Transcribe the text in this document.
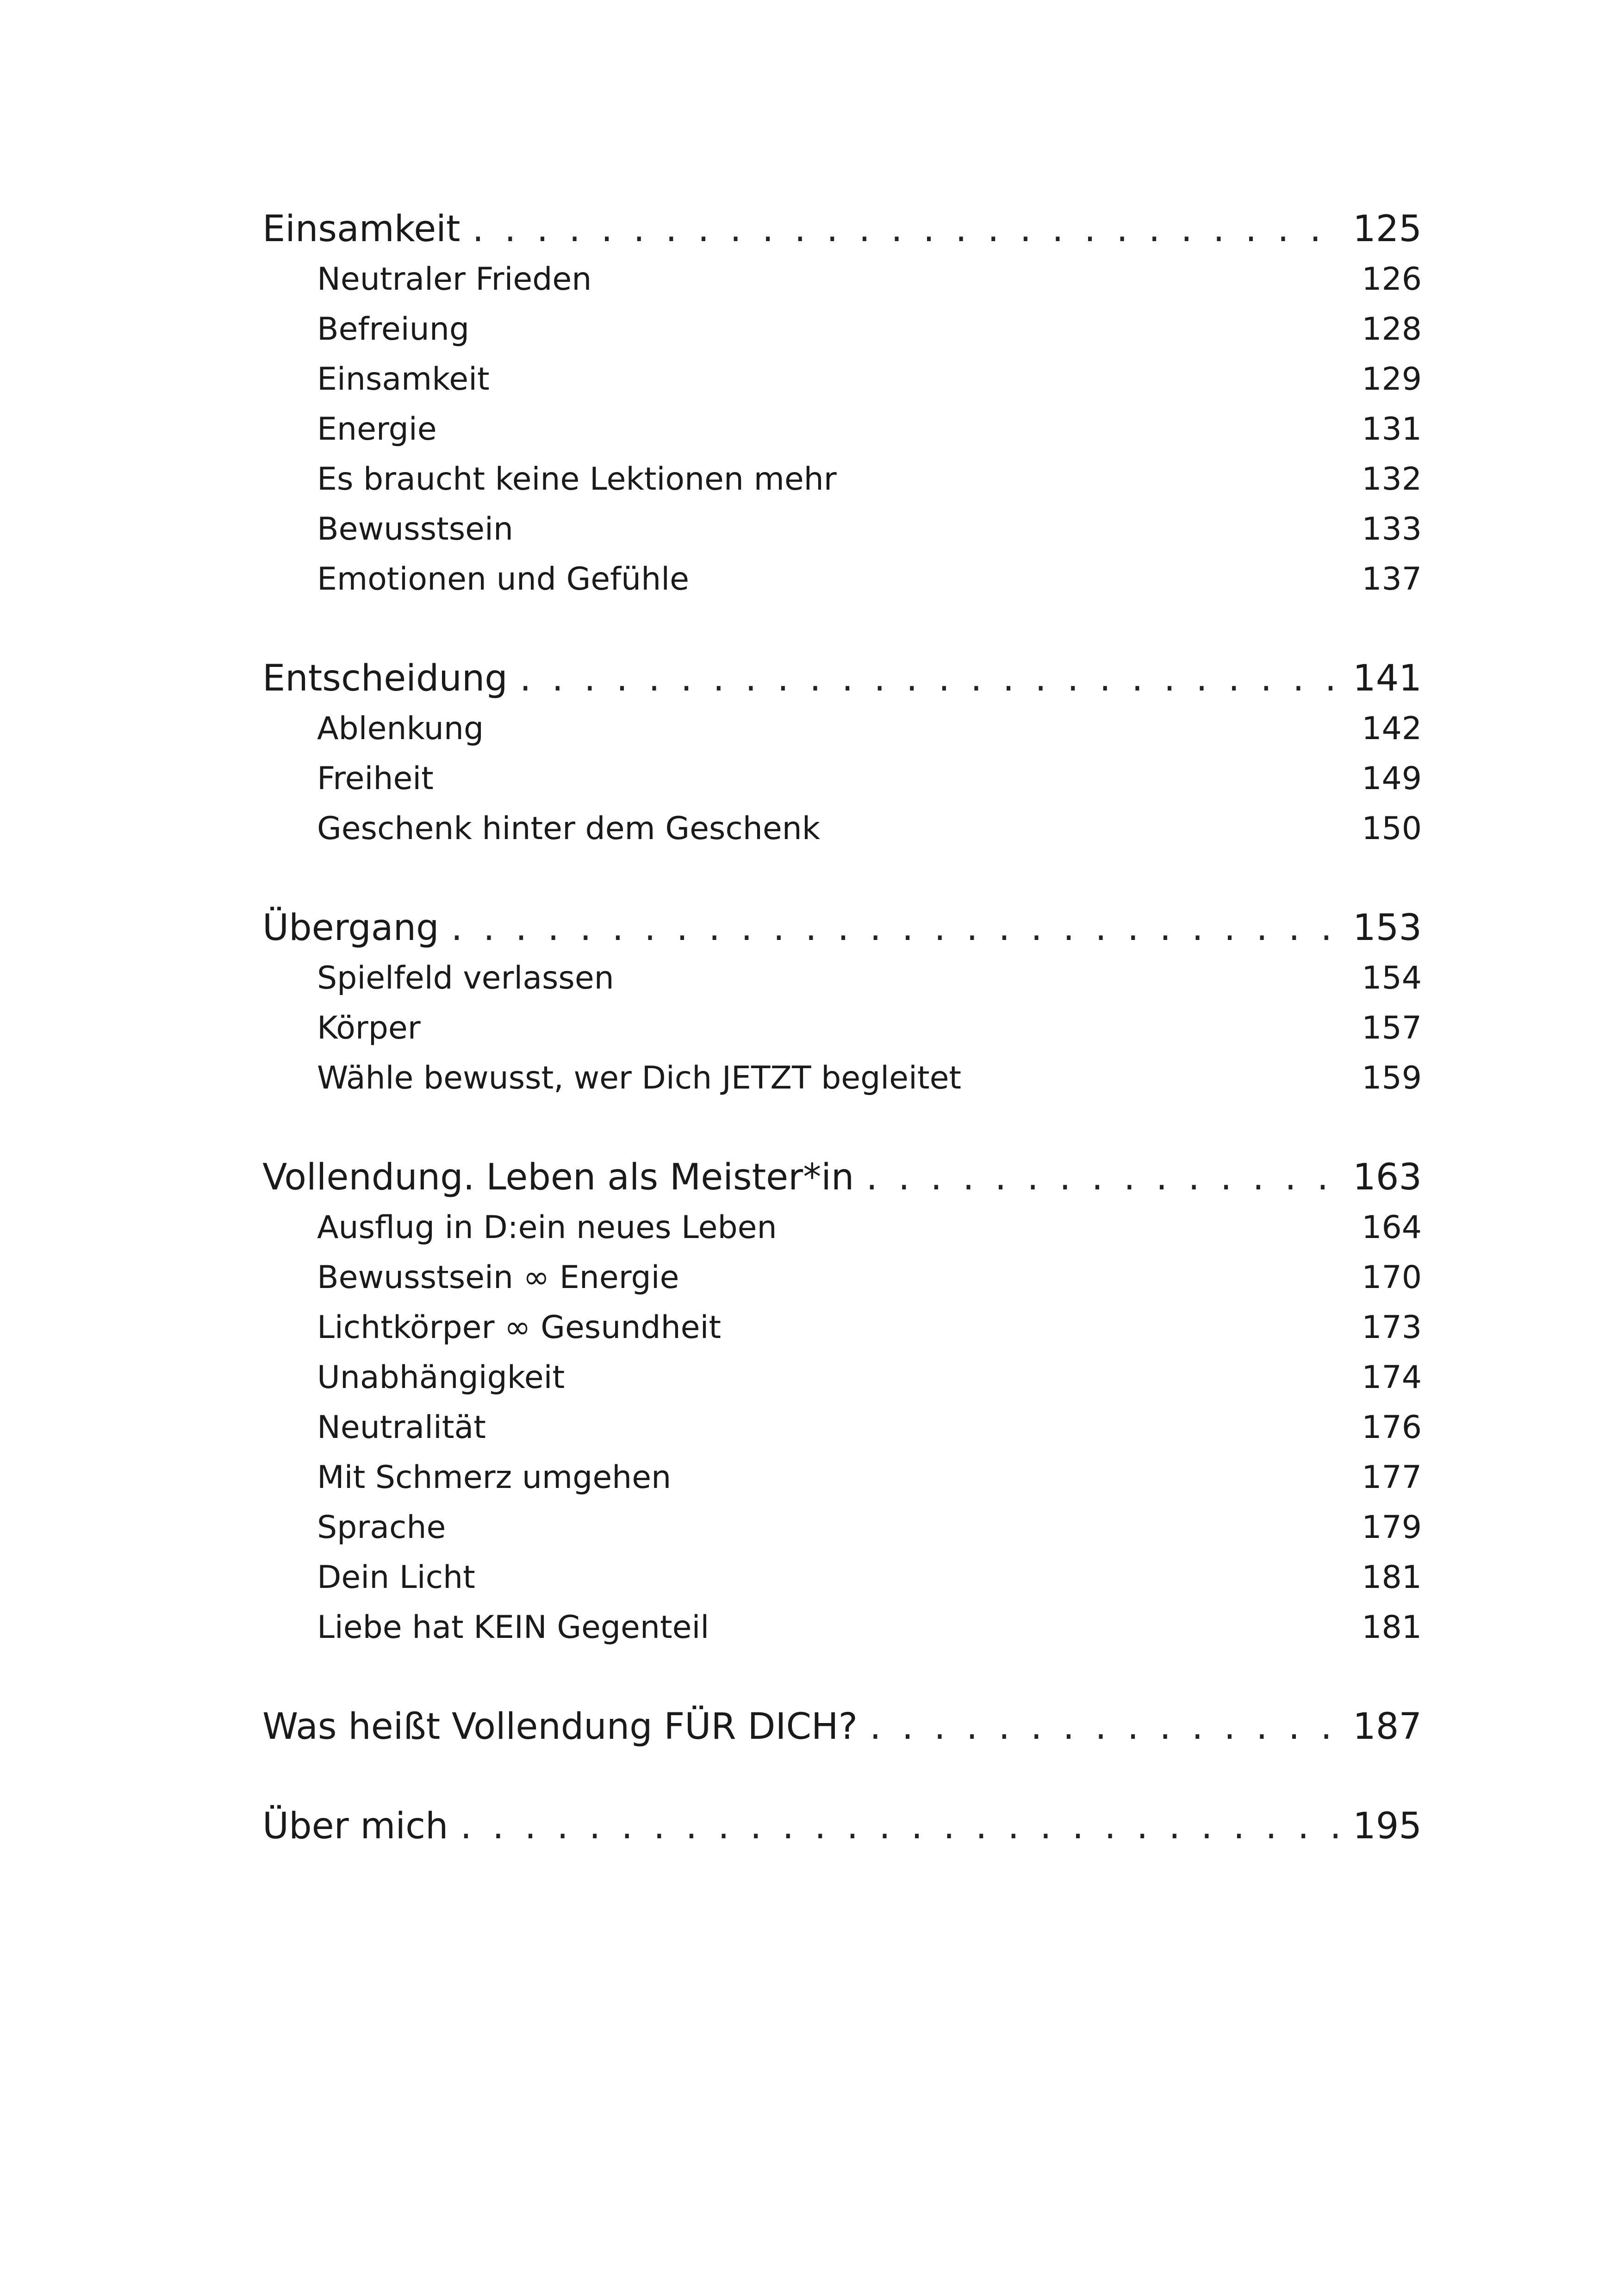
Einsamkeit . . .	125
Neutraler Frieden	126
Befreiung	128
Einsamkeit	129
Energie	131
Es braucht keine Lektionen mehr	132
Bewusstsein	133
Emotionen und Gefühle	137
Entscheidung . . .	141
Ablenkung	142
Freiheit	149
Geschenk hinter dem Geschenk	150
Übergang . . .	153
Spielfeld verlassen	154
Körper	157
Wähle bewusst, wer Dich JETZT begleitet	159
Vollendung. Leben als Meister*in . . .	163
Ausflug in D:ein neues Leben	164
Bewusstsein ∞ Energie	170
Lichtkörper ∞ Gesundheit	173
Unabhängigkeit	174
Neutralität	176
Mit Schmerz umgehen	177
Sprache	179
Dein Licht	181
Liebe hat KEIN Gegenteil	181
Was heißt Vollendung FÜR DICH? . . .	187
Über mich . . .	195
